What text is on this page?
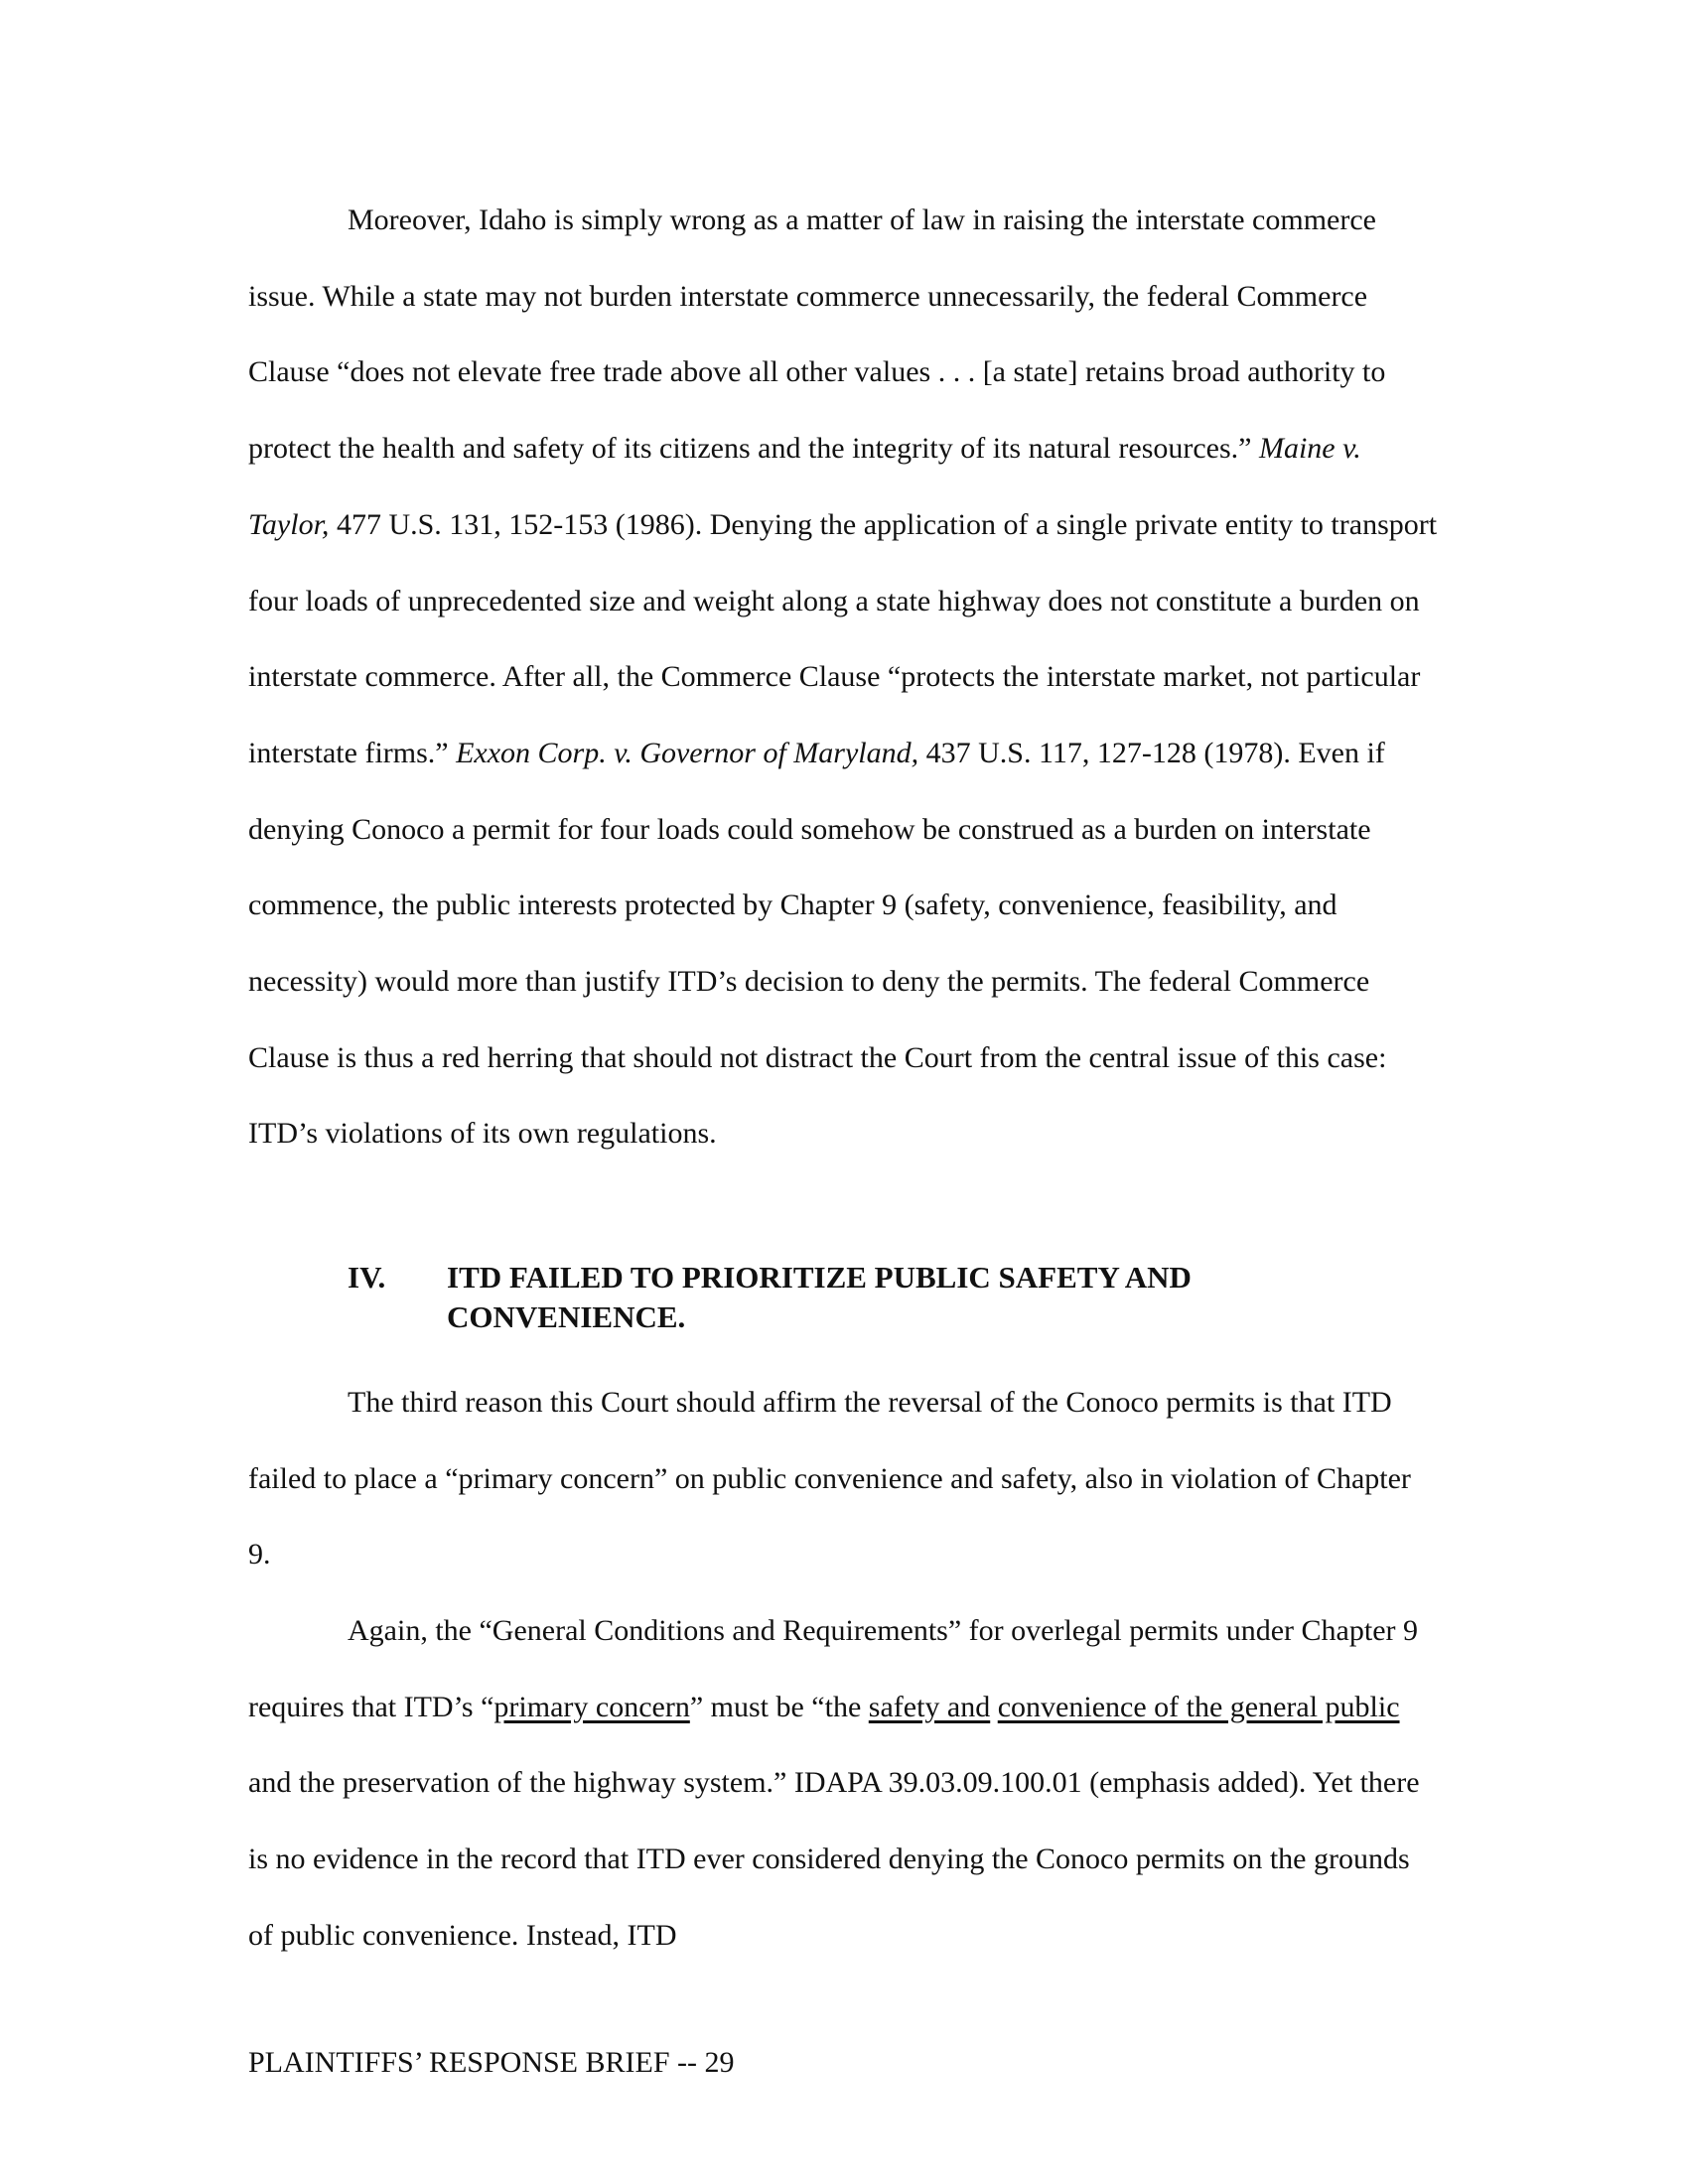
Moreover, Idaho is simply wrong as a matter of law in raising the interstate commerce issue. While a state may not burden interstate commerce unnecessarily, the federal Commerce Clause “does not elevate free trade above all other values . . . [a state] retains broad authority to protect the health and safety of its citizens and the integrity of its natural resources.” Maine v. Taylor, 477 U.S. 131, 152-153 (1986). Denying the application of a single private entity to transport four loads of unprecedented size and weight along a state highway does not constitute a burden on interstate commerce. After all, the Commerce Clause “protects the interstate market, not particular interstate firms.” Exxon Corp. v. Governor of Maryland, 437 U.S. 117, 127-128 (1978). Even if denying Conoco a permit for four loads could somehow be construed as a burden on interstate commence, the public interests protected by Chapter 9 (safety, convenience, feasibility, and necessity) would more than justify ITD’s decision to deny the permits. The federal Commerce Clause is thus a red herring that should not distract the Court from the central issue of this case: ITD’s violations of its own regulations.

IV.	ITD FAILED TO PRIORITIZE PUBLIC SAFETY AND CONVENIENCE.

The third reason this Court should affirm the reversal of the Conoco permits is that ITD failed to place a “primary concern” on public convenience and safety, also in violation of Chapter 9.

Again, the “General Conditions and Requirements” for overlegal permits under Chapter 9 requires that ITD’s “primary concern” must be “the safety and convenience of the general public and the preservation of the highway system.” IDAPA 39.03.09.100.01 (emphasis added). Yet there is no evidence in the record that ITD ever considered denying the Conoco permits on the grounds of public convenience. Instead, ITD

PLAINTIFFS’ RESPONSE BRIEF -- 29
